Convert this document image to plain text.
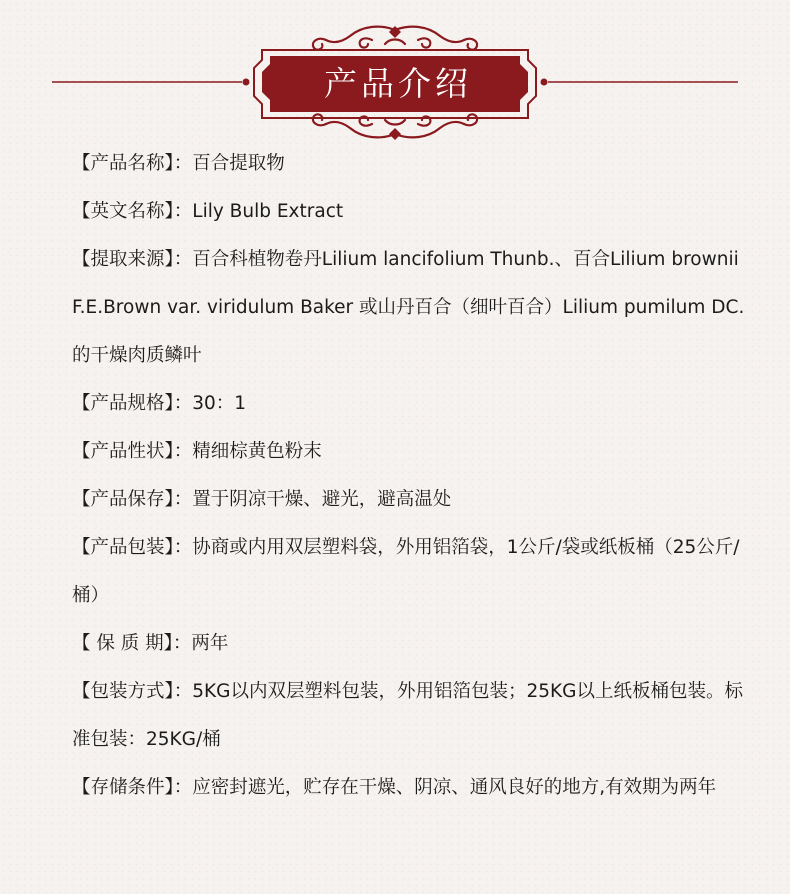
产品介绍

【产品名称】：百合提取物

【英文名称】：Lily Bulb Extract

【提取来源】：百合科植物卷丹Lilium lancifolium Thunb.、百合Lilium brownii F.E.Brown var. viridulum Baker 或山丹百合（细叶百合）Lilium pumilum DC. 的干燥肉质鳞叶

【产品规格】：30：1

【产品性状】：精细棕黄色粉末

【产品保存】：置于阴凉干燥、避光，避高温处

【产品包装】：协商或内用双层塑料袋，外用铝箔袋，1公斤/袋或纸板桶（25公斤/桶）

【 保 质 期】：两年

【包装方式】：5KG以内双层塑料包装，外用铝箔包装；25KG以上纸板桶包装。标准包装：25KG/桶

【存储条件】：应密封遮光，贮存在干燥、阴凉、通风良好的地方,有效期为两年
